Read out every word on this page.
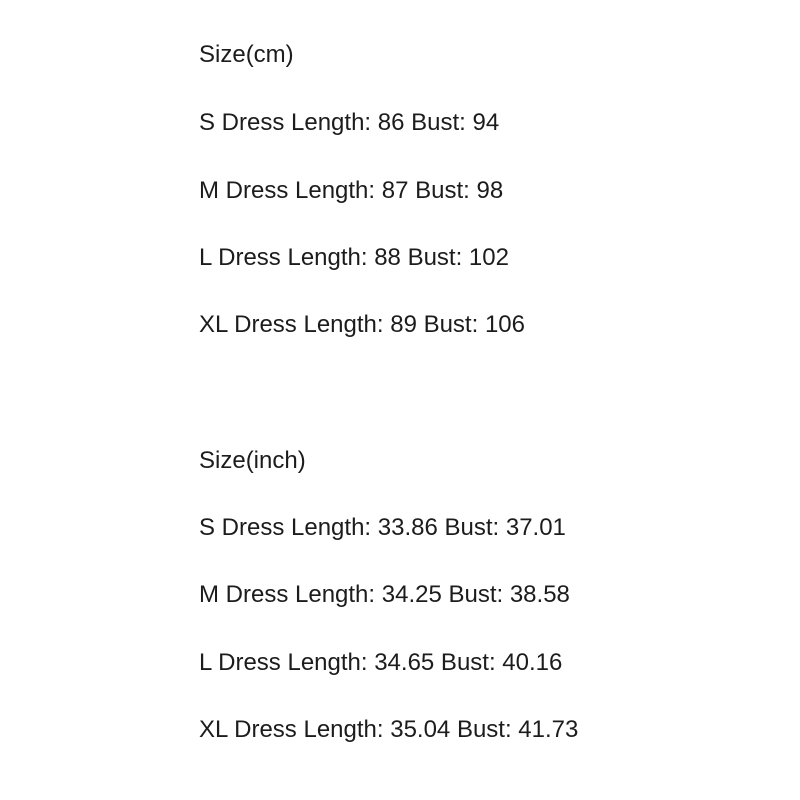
Size(cm)
S Dress Length: 86 Bust: 94
M Dress Length: 87 Bust: 98
L Dress Length: 88 Bust: 102
XL Dress Length: 89 Bust: 106
Size(inch)
S Dress Length: 33.86 Bust: 37.01
M Dress Length: 34.25 Bust: 38.58
L Dress Length: 34.65 Bust: 40.16
XL Dress Length: 35.04 Bust: 41.73
